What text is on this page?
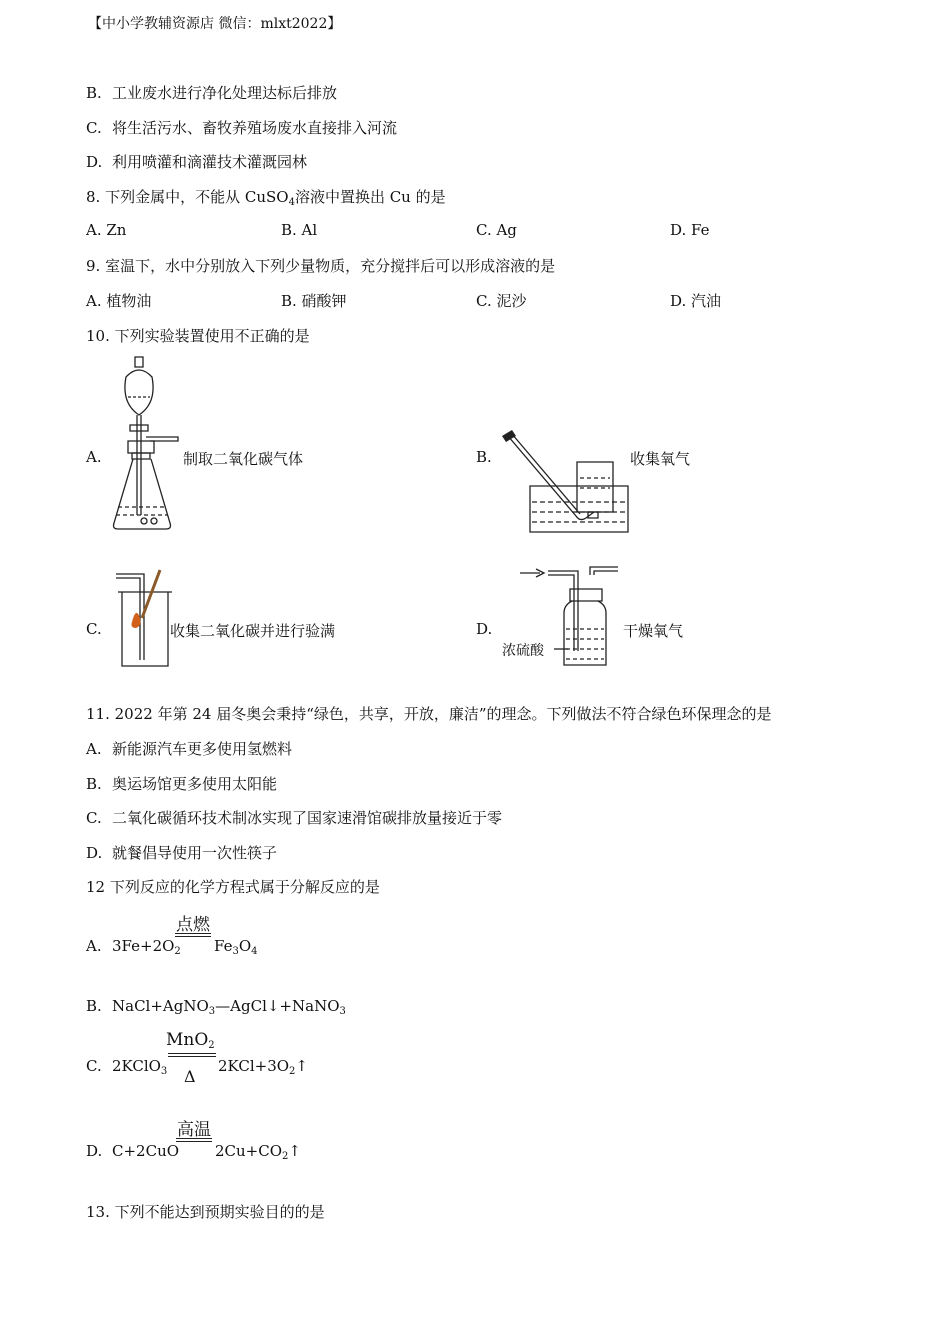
【中小学教辅资源店 微信：mlxt2022】
B. 工业废水进行净化处理达标后排放
C. 将生活污水、畜牧养殖场废水直接排入河流
D. 利用喷灌和滴灌技术灌溉园林
8. 下列金属中，不能从 CuSO$_4$溶液中置换出 Cu 的是
A. Zn	B. Al	C. Ag	D. Fe
9. 室温下，水中分别放入下列少量物质，充分搅拌后可以形成溶液的是
A. 植物油	B. 硝酸钾	C. 泥沙	D. 汽油
10. 下列实验装置使用不正确的是
A.	制取二氧化碳气体	B.	收集氧气
C.	收集二氧化碳并进行验满	D.
浓硫酸
干燥氧气
11. 2022 年第 24 届冬奥会秉持“绿色，共享，开放，廉洁”的理念。下列做法不符合绿色环保理念的是
A. 新能源汽车更多使用氢燃料
B. 奥运场馆更多使用太阳能
C. 二氧化碳循环技术制冰实现了国家速滑馆碳排放量接近于零
D. 就餐倡导使用一次性筷子
12 下列反应的化学方程式属于分解反应的是
A. $3Fe+2O_2$
点燃
$Fe_3O_4$
B. NaCl+AgNO$_3$—AgCl↓+NaNO$_3$
C. 2KClO$_3$
MnO$_2$
Δ
$2KCl+3O_2↑$
D. C+2CuO
高温
$2Cu+CO_2↑$
13. 下列不能达到预期实验目的的是
